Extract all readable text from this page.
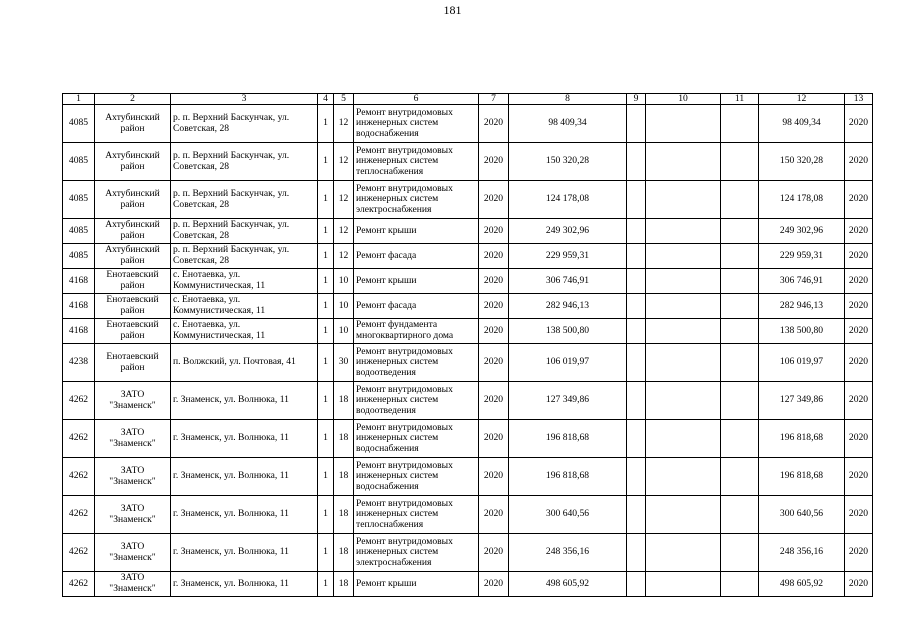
181
1	2	3	4	5	6	7	8	9	10	11	12	13
4085	Ахтубинский район	р. п. Верхний Баскунчак, ул. Советская, 28	1	12	Ремонт внутридомовых инженерных систем водоснабжения	2020	98 409,34				98 409,34	2020
4085	Ахтубинский район	р. п. Верхний Баскунчак, ул. Советская, 28	1	12	Ремонт внутридомовых инженерных систем теплоснабжения	2020	150 320,28				150 320,28	2020
4085	Ахтубинский район	р. п. Верхний Баскунчак, ул. Советская, 28	1	12	Ремонт внутридомовых инженерных систем электроснабжения	2020	124 178,08				124 178,08	2020
4085	Ахтубинский район	р. п. Верхний Баскунчак, ул. Советская, 28	1	12	Ремонт крыши	2020	249 302,96				249 302,96	2020
4085	Ахтубинский район	р. п. Верхний Баскунчак, ул. Советская, 28	1	12	Ремонт фасада	2020	229 959,31				229 959,31	2020
4168	Енотаевский район	с. Енотаевка, ул. Коммунистическая, 11	1	10	Ремонт крыши	2020	306 746,91				306 746,91	2020
4168	Енотаевский район	с. Енотаевка, ул. Коммунистическая, 11	1	10	Ремонт фасада	2020	282 946,13				282 946,13	2020
4168	Енотаевский район	с. Енотаевка, ул. Коммунистическая, 11	1	10	Ремонт фундамента многоквартирного дома	2020	138 500,80				138 500,80	2020
4238	Енотаевский район	п. Волжский, ул. Почтовая, 41	1	30	Ремонт внутридомовых инженерных систем водоотведения	2020	106 019,97				106 019,97	2020
4262	ЗАТО "Знаменск"	г. Знаменск, ул. Волнюка, 11	1	18	Ремонт внутридомовых инженерных систем водоотведения	2020	127 349,86				127 349,86	2020
4262	ЗАТО "Знаменск"	г. Знаменск, ул. Волнюка, 11	1	18	Ремонт внутридомовых инженерных систем водоснабжения	2020	196 818,68				196 818,68	2020
4262	ЗАТО "Знаменск"	г. Знаменск, ул. Волнюка, 11	1	18	Ремонт внутридомовых инженерных систем водоснабжения	2020	196 818,68				196 818,68	2020
4262	ЗАТО "Знаменск"	г. Знаменск, ул. Волнюка, 11	1	18	Ремонт внутридомовых инженерных систем теплоснабжения	2020	300 640,56				300 640,56	2020
4262	ЗАТО "Знаменск"	г. Знаменск, ул. Волнюка, 11	1	18	Ремонт внутридомовых инженерных систем электроснабжения	2020	248 356,16				248 356,16	2020
4262	ЗАТО "Знаменск"	г. Знаменск, ул. Волнюка, 11	1	18	Ремонт крыши	2020	498 605,92				498 605,92	2020
